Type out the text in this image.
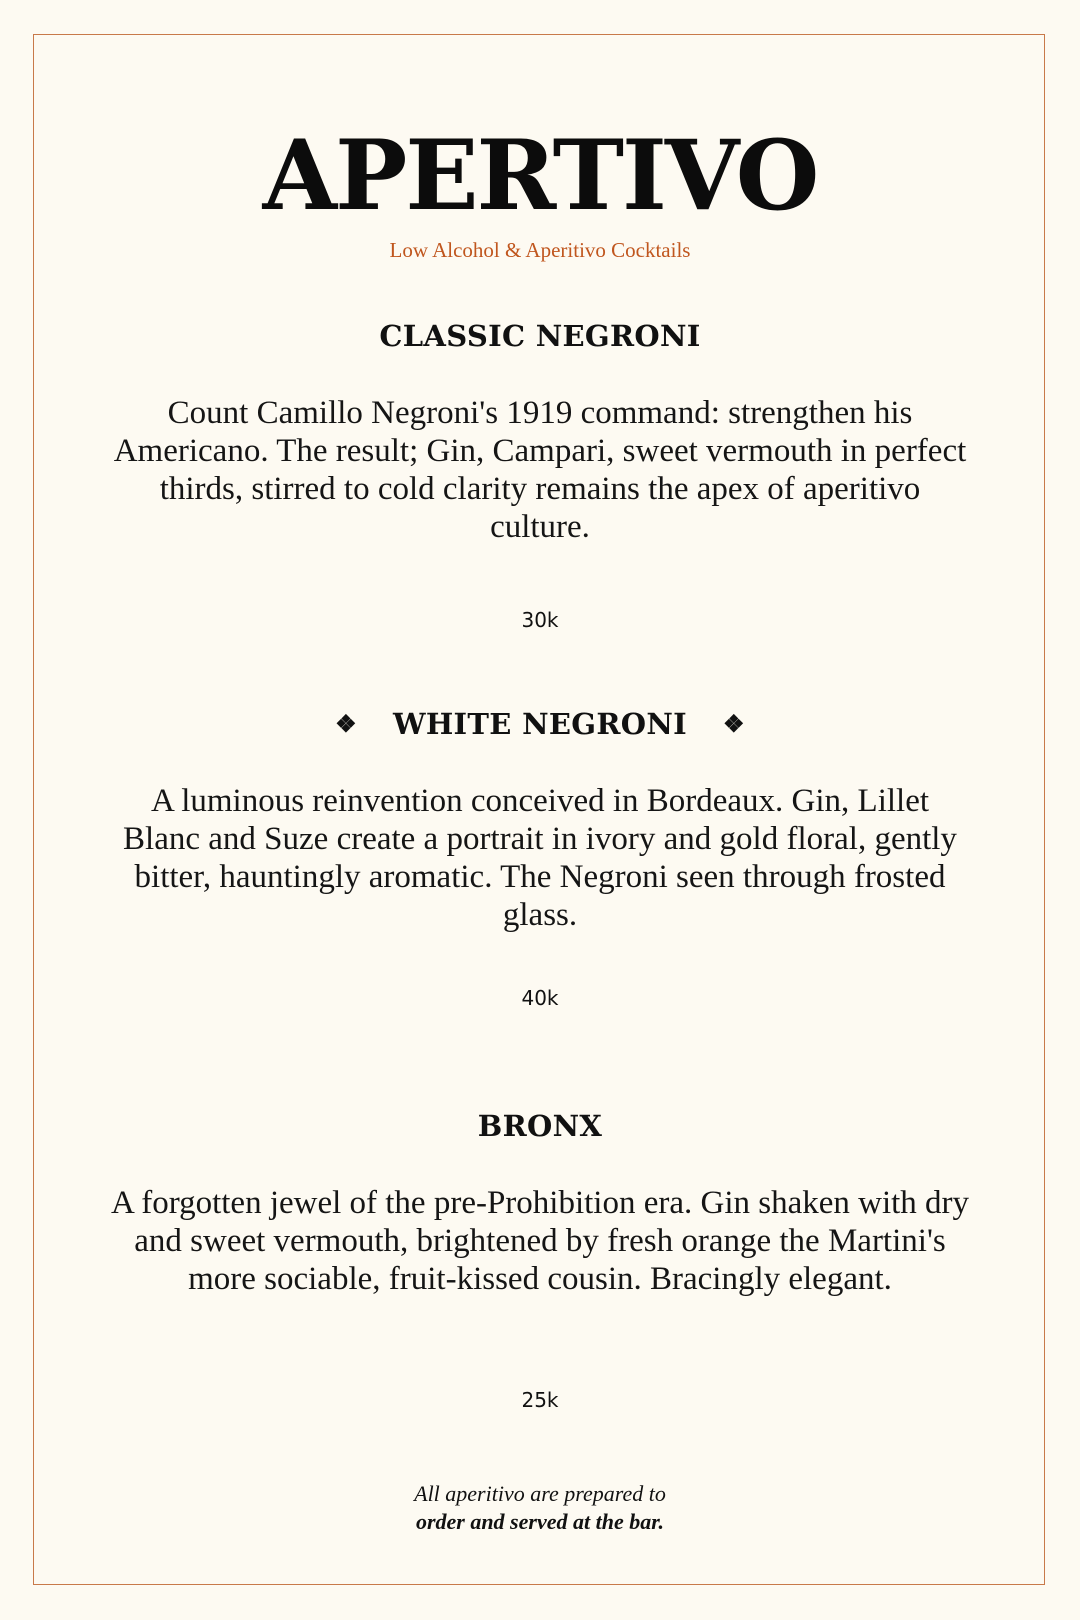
APERTIVO
Low Alcohol & Aperitivo Cocktails
CLASSIC NEGRONI
Count Camillo Negroni's 1919 command: strengthen his Americano. The result; Gin, Campari, sweet vermouth in perfect thirds, stirred to cold clarity remains the apex of aperitivo culture.
30k
❖ WHITE NEGRONI ❖
A luminous reinvention conceived in Bordeaux. Gin, Lillet Blanc and Suze create a portrait in ivory and gold floral, gently bitter, hauntingly aromatic. The Negroni seen through frosted glass.
40k
BRONX
A forgotten jewel of the pre-Prohibition era. Gin shaken with dry and sweet vermouth, brightened by fresh orange the Martini's more sociable, fruit-kissed cousin. Bracingly elegant.
25k
All aperitivo are prepared to
order and served at the bar.
